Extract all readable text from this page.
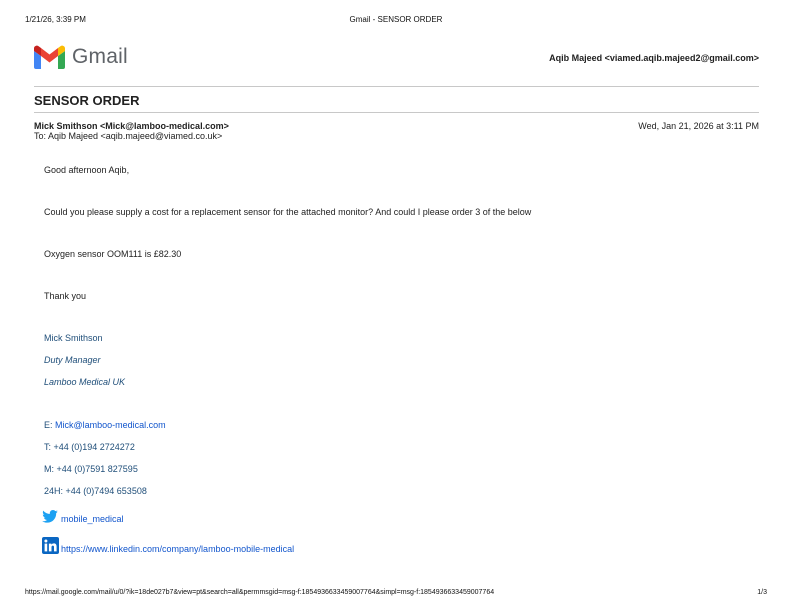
1/21/26, 3:39 PM	Gmail - SENSOR ORDER
Gmail	Aqib Majeed <viamed.aqib.majeed2@gmail.com>
SENSOR ORDER
Mick Smithson <Mick@lamboo-medical.com>	Wed, Jan 21, 2026 at 3:11 PM
To: Aqib Majeed <aqib.majeed@viamed.co.uk>
Good afternoon Aqib,
Could you please supply a cost for a replacement sensor for the attached monitor? And could I please order 3 of the below
Oxygen sensor OOM111 is £82.30
Thank you
Mick Smithson
Duty Manager
Lamboo Medical UK
E: Mick@lamboo-medical.com
T: +44 (0)194 2724272
M: +44 (0)7591 827595
24H: +44 (0)7494 653508
mobile_medical
https://www.linkedin.com/company/lamboo-mobile-medical
https://mail.google.com/mail/u/0/?ik=18de027b7&view=pt&search=all&permmsgid=msg-f:1854936633459007764&simpl=msg-f:1854936633459007764	1/3
